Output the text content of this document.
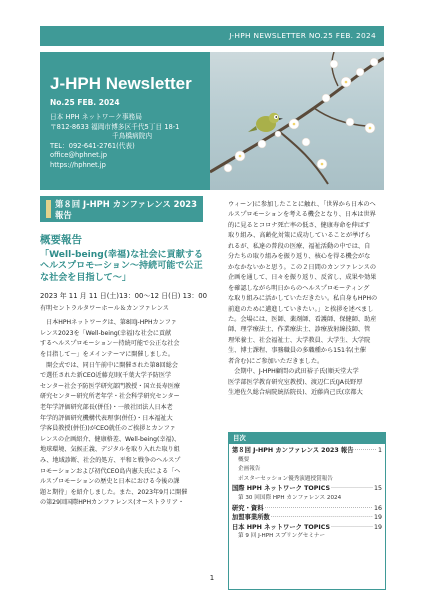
J-HPH NEWSLETTER NO.25 FEB. 2024
J-HPH Newsletter
No.25 FEB. 2024
日本 HPH ネットワーク事務局
〒812-8633 福岡市博多区千代5丁目 18-1
千鳥橋病院内
TEL：092-641-2761(代表)
office@hphnet.jp
https://hphnet.jp
第８回 J-HPH カンファレンス 2023
報告
概要報告
「Well-being(幸福)な社会に貢献する
ヘルスプロモーション～持続可能で公正
な社会を目指して～」
2023 年 11 月 11 日(土)13：00～12 日(日) 13：00
有明セントラルタワーホール＆カンファレンス
　日本HPHネットワークは、第8回J-HPHカンファ
レンス2023を「Well-being(幸福)な社会に貢献
するヘルスプロモーション～持続可能で公正な社会
を目指して～」をメインテーマに開催しました。
　開会式では、同日午前中に開催された第8回総会
で選任された新CEO近藤克則(千葉大学予防医学
センター社会予防医学研究部門教授・国立長寿医療
研究センター研究所老年学・社会科学研究センター
老年学評価研究部長(併任)・一般社団法人日本老
年学的評価研究機構代表理事(併任)・日本福祉大
学客員教授(併任))がCEO就任のご挨拶とカンファ
レンスの企画紹介、健康格差、Well-being(幸福)、
地球環境、気候正義、デジタルを取り入れた取り組
み、地域診断、社会的処方、平和と戦争のヘルスプ
ロモーションおよび初代CEO島内憲夫氏による「ヘ
ルスプロモーションの歴史と日本における今後の課
題と期待」を紹介しました。また、2023年9月に開催
の第29回国際HPHカンファレンス(オーストラリア・
ウィーン)に参加したことに触れ、「世界から日本のへ
ルスプロモーションを考える機会となり、日本は世界
的に見るとコロナ死亡率の低さ、健康寿命を伸ばす
取り組み、高齢化対策に成功していることが挙げら
れるが、私達の普段の医療、福祉活動の中では、自
分たちの取り組みを振り返り、核心を得る機会がな
かなかないかと思う。この２日間のカンファレンスの
企画を通して、日々を振り返り、反省し、成果や効果
を確認しながら明日からのヘルスプロモーティング
な取り組みに活かしていただきたい。私自身もHPHの
前進のために邁進していきたい。」と挨拶を述べまし
た。会場には、医師、薬剤師、看護師、保健師、助産
師、理学療法士、作業療法士、診療放射線技師、管
理栄養士、社会福祉士、大学教員、大学生、大学院
生、博士課程、事務職員の多職種から151名(主催
者含む)にご参加いただきました。
　会期中、J-HPH顧問の武田裕子氏(順天堂大学
医学部医学教育研究室教授)、渡辺仁氏(JA長野厚
生連佐久総合病院統括院長)、近藤尚己氏(京都大
目次
第８回 J-HPH カンファレンス 2023 報告 ·····	1
概要
企画報告
ポスターセッション優秀演題授賞報告
国際 HPH ネットワーク TOPICS ·····	15
第 30 回国際 HPH カンファレンス 2024
研究・資料 ·····	16
加盟事業所数 ·····	19
日本 HPH ネットワーク TOPICS ·····	19
第 9 回 J-HPH スプリングセミナー
1
